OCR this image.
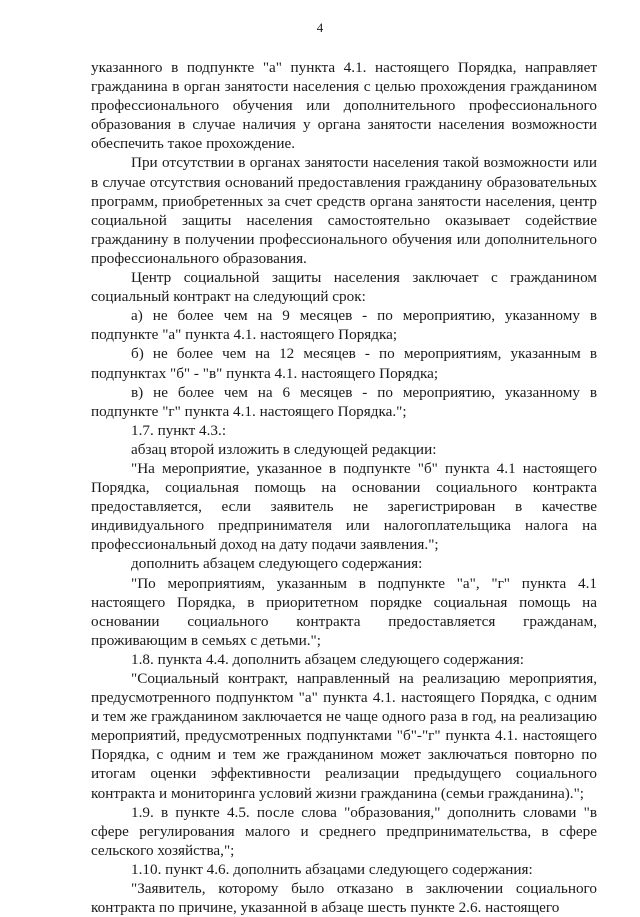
4

указанного в подпункте "а" пункта 4.1. настоящего Порядка, направляет гражданина в орган занятости населения с целью прохождения гражданином профессионального обучения или дополнительного профессионального образования в случае наличия у органа занятости населения возможности обеспечить такое прохождение.

При отсутствии в органах занятости населения такой возможности или в случае отсутствия оснований предоставления гражданину образовательных программ, приобретенных за счет средств органа занятости населения, центр социальной защиты населения самостоятельно оказывает содействие гражданину в получении профессионального обучения или дополнительного профессионального образования.

Центр социальной защиты населения заключает с гражданином социальный контракт на следующий срок:

а) не более чем на 9 месяцев - по мероприятию, указанному в подпункте "а" пункта 4.1. настоящего Порядка;

б) не более чем на 12 месяцев - по мероприятиям, указанным в подпунктах "б" - "в" пункта 4.1. настоящего Порядка;

в) не более чем на 6 месяцев - по мероприятию, указанному в подпункте "г" пункта 4.1. настоящего Порядка.";

1.7. пункт 4.3.:

абзац второй изложить в следующей редакции:

"На мероприятие, указанное в подпункте "б" пункта 4.1 настоящего Порядка, социальная помощь на основании социального контракта предоставляется, если заявитель не зарегистрирован в качестве индивидуального предпринимателя или налогоплательщика налога на профессиональный доход на дату подачи заявления.";

дополнить абзацем следующего содержания:

"По мероприятиям, указанным в подпункте "а", "г" пункта 4.1 настоящего Порядка, в приоритетном порядке социальная помощь на основании социального контракта предоставляется гражданам, проживающим в семьях с детьми.";

1.8. пункта 4.4. дополнить абзацем следующего содержания:

"Социальный контракт, направленный на реализацию мероприятия, предусмотренного подпунктом "а" пункта 4.1. настоящего Порядка, с одним и тем же гражданином заключается не чаще одного раза в год, на реализацию мероприятий, предусмотренных подпунктами "б"-"г" пункта 4.1. настоящего Порядка, с одним и тем же гражданином может заключаться повторно по итогам оценки эффективности реализации предыдущего социального контракта и мониторинга условий жизни гражданина (семьи гражданина).";

1.9. в пункте 4.5. после слова "образования," дополнить словами "в сфере регулирования малого и среднего предпринимательства, в сфере сельского хозяйства,";

1.10. пункт 4.6. дополнить абзацами следующего содержания:

"Заявитель, которому было отказано в заключении социального контракта по причине, указанной в абзаце шесть пункте 2.6. настоящего
